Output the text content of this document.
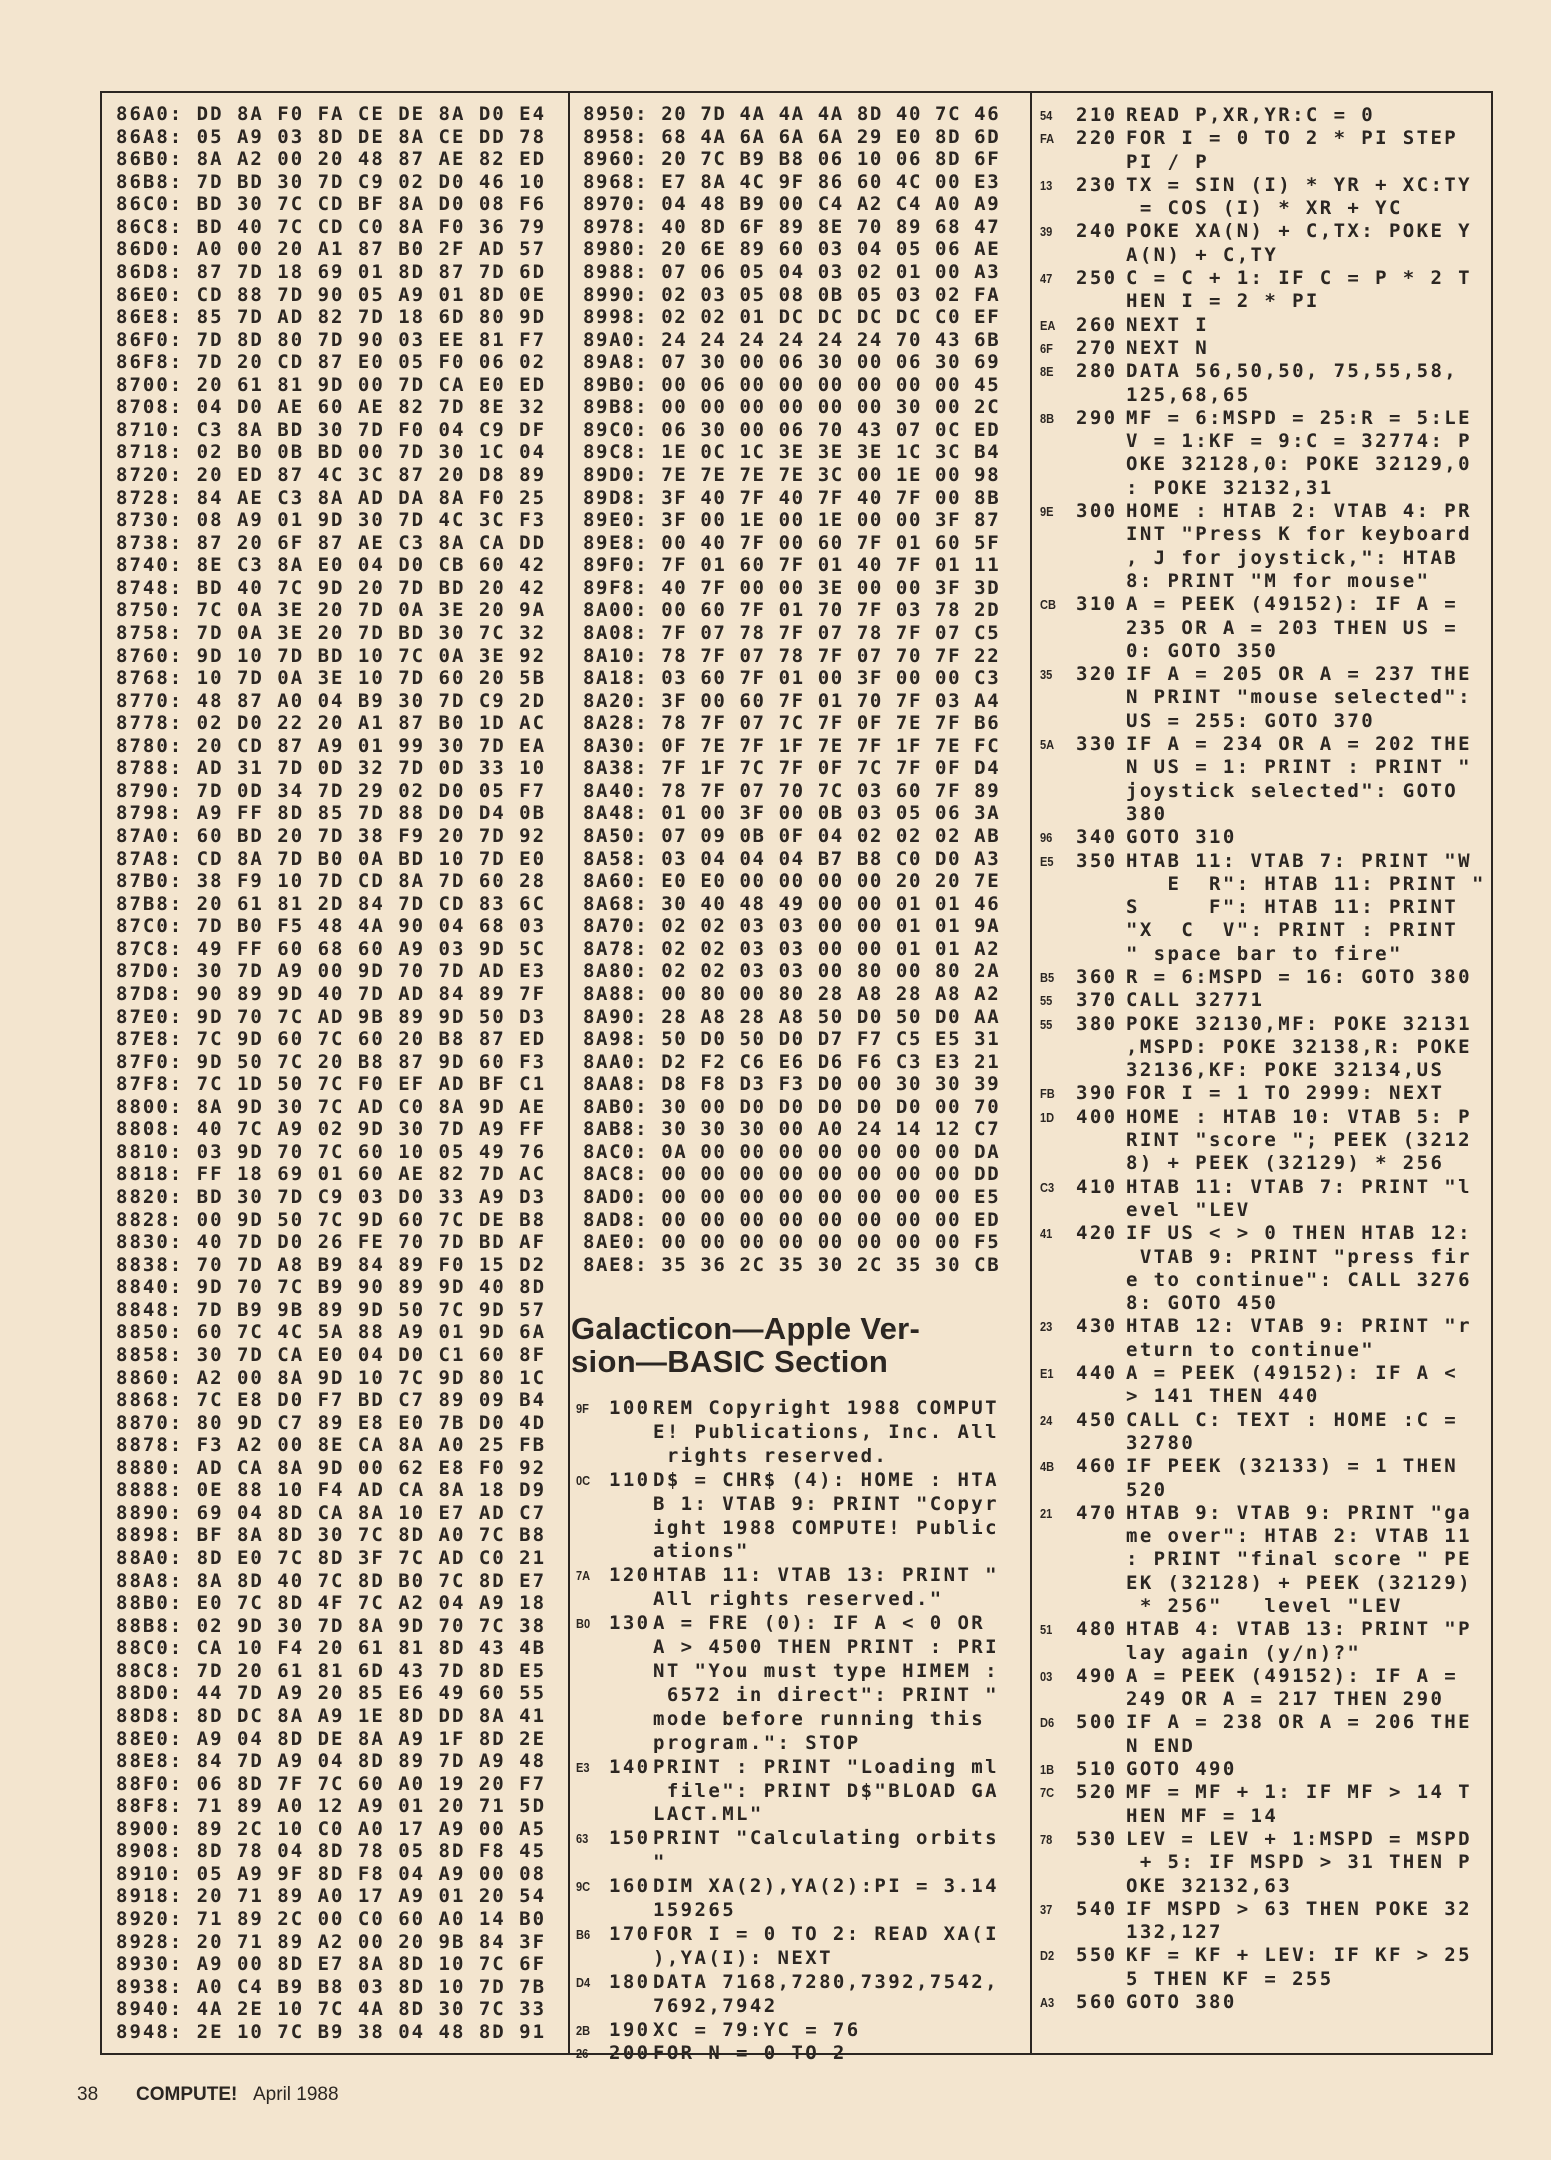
86A0: DD 8A F0 FA CE DE 8A D0 E4
86A8: 05 A9 03 8D DE 8A CE DD 78
86B0: 8A A2 00 20 48 87 AE 82 ED
86B8: 7D BD 30 7D C9 02 D0 46 10
86C0: BD 30 7C CD BF 8A D0 08 F6
86C8: BD 40 7C CD C0 8A F0 36 79
86D0: A0 00 20 A1 87 B0 2F AD 57
86D8: 87 7D 18 69 01 8D 87 7D 6D
86E0: CD 88 7D 90 05 A9 01 8D 0E
86E8: 85 7D AD 82 7D 18 6D 80 9D
86F0: 7D 8D 80 7D 90 03 EE 81 F7
86F8: 7D 20 CD 87 E0 05 F0 06 02
8700: 20 61 81 9D 00 7D CA E0 ED
8708: 04 D0 AE 60 AE 82 7D 8E 32
8710: C3 8A BD 30 7D F0 04 C9 DF
8718: 02 B0 0B BD 00 7D 30 1C 04
8720: 20 ED 87 4C 3C 87 20 D8 89
8728: 84 AE C3 8A AD DA 8A F0 25
8730: 08 A9 01 9D 30 7D 4C 3C F3
8738: 87 20 6F 87 AE C3 8A CA DD
8740: 8E C3 8A E0 04 D0 CB 60 42
8748: BD 40 7C 9D 20 7D BD 20 42
8750: 7C 0A 3E 20 7D 0A 3E 20 9A
8758: 7D 0A 3E 20 7D BD 30 7C 32
8760: 9D 10 7D BD 10 7C 0A 3E 92
8768: 10 7D 0A 3E 10 7D 60 20 5B
8770: 48 87 A0 04 B9 30 7D C9 2D
8778: 02 D0 22 20 A1 87 B0 1D AC
8780: 20 CD 87 A9 01 99 30 7D EA
8788: AD 31 7D 0D 32 7D 0D 33 10
8790: 7D 0D 34 7D 29 02 D0 05 F7
8798: A9 FF 8D 85 7D 88 D0 D4 0B
87A0: 60 BD 20 7D 38 F9 20 7D 92
87A8: CD 8A 7D B0 0A BD 10 7D E0
87B0: 38 F9 10 7D CD 8A 7D 60 28
87B8: 20 61 81 2D 84 7D CD 83 6C
87C0: 7D B0 F5 48 4A 90 04 68 03
87C8: 49 FF 60 68 60 A9 03 9D 5C
87D0: 30 7D A9 00 9D 70 7D AD E3
87D8: 90 89 9D 40 7D AD 84 89 7F
87E0: 9D 70 7C AD 9B 89 9D 50 D3
87E8: 7C 9D 60 7C 60 20 B8 87 ED
87F0: 9D 50 7C 20 B8 87 9D 60 F3
87F8: 7C 1D 50 7C F0 EF AD BF C1
8800: 8A 9D 30 7C AD C0 8A 9D AE
8808: 40 7C A9 02 9D 30 7D A9 FF
8810: 03 9D 70 7C 60 10 05 49 76
8818: FF 18 69 01 60 AE 82 7D AC
8820: BD 30 7D C9 03 D0 33 A9 D3
8828: 00 9D 50 7C 9D 60 7C DE B8
8830: 40 7D D0 26 FE 70 7D BD AF
8838: 70 7D A8 B9 84 89 F0 15 D2
8840: 9D 70 7C B9 90 89 9D 40 8D
8848: 7D B9 9B 89 9D 50 7C 9D 57
8850: 60 7C 4C 5A 88 A9 01 9D 6A
8858: 30 7D CA E0 04 D0 C1 60 8F
8860: A2 00 8A 9D 10 7C 9D 80 1C
8868: 7C E8 D0 F7 BD C7 89 09 B4
8870: 80 9D C7 89 E8 E0 7B D0 4D
8878: F3 A2 00 8E CA 8A A0 25 FB
8880: AD CA 8A 9D 00 62 E8 F0 92
8888: 0E 88 10 F4 AD CA 8A 18 D9
8890: 69 04 8D CA 8A 10 E7 AD C7
8898: BF 8A 8D 30 7C 8D A0 7C B8
88A0: 8D E0 7C 8D 3F 7C AD C0 21
88A8: 8A 8D 40 7C 8D B0 7C 8D E7
88B0: E0 7C 8D 4F 7C A2 04 A9 18
88B8: 02 9D 30 7D 8A 9D 70 7C 38
88C0: CA 10 F4 20 61 81 8D 43 4B
88C8: 7D 20 61 81 6D 43 7D 8D E5
88D0: 44 7D A9 20 85 E6 49 60 55
88D8: 8D DC 8A A9 1E 8D DD 8A 41
88E0: A9 04 8D DE 8A A9 1F 8D 2E
88E8: 84 7D A9 04 8D 89 7D A9 48
88F0: 06 8D 7F 7C 60 A0 19 20 F7
88F8: 71 89 A0 12 A9 01 20 71 5D
8900: 89 2C 10 C0 A0 17 A9 00 A5
8908: 8D 78 04 8D 78 05 8D F8 45
8910: 05 A9 9F 8D F8 04 A9 00 08
8918: 20 71 89 A0 17 A9 01 20 54
8920: 71 89 2C 00 C0 60 A0 14 B0
8928: 20 71 89 A2 00 20 9B 84 3F
8930: A9 00 8D E7 8A 8D 10 7C 6F
8938: A0 C4 B9 B8 03 8D 10 7D 7B
8940: 4A 2E 10 7C 4A 8D 30 7C 33
8948: 2E 10 7C B9 38 04 48 8D 91
8950: 20 7D 4A 4A 4A 8D 40 7C 46
8958: 68 4A 6A 6A 6A 29 E0 8D 6D
8960: 20 7C B9 B8 06 10 06 8D 6F
8968: E7 8A 4C 9F 86 60 4C 00 E3
8970: 04 48 B9 00 C4 A2 C4 A0 A9
8978: 40 8D 6F 89 8E 70 89 68 47
8980: 20 6E 89 60 03 04 05 06 AE
8988: 07 06 05 04 03 02 01 00 A3
8990: 02 03 05 08 0B 05 03 02 FA
8998: 02 02 01 DC DC DC DC C0 EF
89A0: 24 24 24 24 24 24 70 43 6B
89A8: 07 30 00 06 30 00 06 30 69
89B0: 00 06 00 00 00 00 00 00 45
89B8: 00 00 00 00 00 00 30 00 2C
89C0: 06 30 00 06 70 43 07 0C ED
89C8: 1E 0C 1C 3E 3E 3E 1C 3C B4
89D0: 7E 7E 7E 7E 3C 00 1E 00 98
89D8: 3F 40 7F 40 7F 40 7F 00 8B
89E0: 3F 00 1E 00 1E 00 00 3F 87
89E8: 00 40 7F 00 60 7F 01 60 5F
89F0: 7F 01 60 7F 01 40 7F 01 11
89F8: 40 7F 00 00 3E 00 00 3F 3D
8A00: 00 60 7F 01 70 7F 03 78 2D
8A08: 7F 07 78 7F 07 78 7F 07 C5
8A10: 78 7F 07 78 7F 07 70 7F 22
8A18: 03 60 7F 01 00 3F 00 00 C3
8A20: 3F 00 60 7F 01 70 7F 03 A4
8A28: 78 7F 07 7C 7F 0F 7E 7F B6
8A30: 0F 7E 7F 1F 7E 7F 1F 7E FC
8A38: 7F 1F 7C 7F 0F 7C 7F 0F D4
8A40: 78 7F 07 70 7C 03 60 7F 89
8A48: 01 00 3F 00 0B 03 05 06 3A
8A50: 07 09 0B 0F 04 02 02 02 AB
8A58: 03 04 04 04 B7 B8 C0 D0 A3
8A60: E0 E0 00 00 00 00 20 20 7E
8A68: 30 40 48 49 00 00 01 01 46
8A70: 02 02 03 03 00 00 01 01 9A
8A78: 02 02 03 03 00 00 01 01 A2
8A80: 02 02 03 03 00 80 00 80 2A
8A88: 00 80 00 80 28 A8 28 A8 A2
8A90: 28 A8 28 A8 50 D0 50 D0 AA
8A98: 50 D0 50 D0 D7 F7 C5 E5 31
8AA0: D2 F2 C6 E6 D6 F6 C3 E3 21
8AA8: D8 F8 D3 F3 D0 00 30 30 39
8AB0: 30 00 D0 D0 D0 D0 D0 00 70
8AB8: 30 30 30 00 A0 24 14 12 C7
8AC0: 0A 00 00 00 00 00 00 00 DA
8AC8: 00 00 00 00 00 00 00 00 DD
8AD0: 00 00 00 00 00 00 00 00 E5
8AD8: 00 00 00 00 00 00 00 00 ED
8AE0: 00 00 00 00 00 00 00 00 F5
8AE8: 35 36 2C 35 30 2C 35 30 CB
Galacticon—Apple Ver-
sion—BASIC Section
9F	100 REM Copyright 1988 COMPUT
E! Publications, Inc. All
rights reserved.
0C 110 D$ = CHR$ (4): HOME : HTA
B 1: VTAB 9: PRINT "Copyr
ight 1988 COMPUTE! Public
ations"
7A 120 HTAB 11: VTAB 13: PRINT "
All rights reserved."
B0 130 A = FRE (0): IF A < 0 OR
A > 4500 THEN PRINT : PRI
NT "You must type HIMEM :
6572 in direct": PRINT "
mode before running this
program.": STOP
E3	140 PRINT : PRINT "Loading ml
file": PRINT D$"BLOAD GA
LACT.ML"
63	150 PRINT "Calculating orbits
"
9C 160 DIM XA(2),YA(2):PI = 3.14
159265
B6 170 FOR I = 0 TO 2: READ XA(I
),YA(I): NEXT
D4 180 DATA 7168,7280,7392,7542,
7692,7942
2B 190 XC = 79:YC = 76
26	200 FOR N = 0 TO 2
54	210 READ P,XR,YR:C = 0
FA	220 FOR I = 0 TO 2 * PI STEP
PI / P
13	230 TX = SIN (I) * YR + XC:TY
= COS (I) * XR + YC
39	240 POKE XA(N) + C,TX: POKE Y
A(N) + C,TY
47	250 C = C + 1: IF C = P * 2 T
HEN I = 2 * PI
EA	260 NEXT I
6F	270 NEXT N
8E	280 DATA 56,50,50, 75,55,58,
125,68,65
8B	290 MF = 6:MSPD = 25:R = 5:LE
V = 1:KF = 9:C = 32774: P
OKE 32128,0: POKE 32129,0
: POKE 32132,31
9E	300 HOME : HTAB 2: VTAB 4: PR
INT "Press K for keyboard
, J for joystick,": HTAB
8: PRINT "M for mouse"
CB	310 A = PEEK (49152): IF A =
235 OR A = 203 THEN US =
0: GOTO 350
35	320 IF A = 205 OR A = 237 THE
N PRINT "mouse selected":
US = 255: GOTO 370
5A	330 IF A = 234 OR A = 202 THE
N US = 1: PRINT : PRINT "
joystick selected": GOTO
380
96	340 GOTO 310
E5	350 HTAB 11: VTAB 7: PRINT "W
E  R": HTAB 11: PRINT "
S     F": HTAB 11: PRINT
"X  C  V": PRINT : PRINT
" space bar to fire"
B5	360 R = 6:MSPD = 16: GOTO 380
55	370 CALL 32771
55	380 POKE 32130,MF: POKE 32131
,MSPD: POKE 32138,R: POKE
32136,KF: POKE 32134,US
FB	390 FOR I = 1 TO 2999: NEXT
1D	400 HOME : HTAB 10: VTAB 5: P
RINT "score "; PEEK (3212
8) + PEEK (32129) * 256
C3	410 HTAB 11: VTAB 7: PRINT "l
evel "LEV
41	420 IF US < > 0 THEN HTAB 12:
VTAB 9: PRINT "press fir
e to continue": CALL 3276
8: GOTO 450
23	430 HTAB 12: VTAB 9: PRINT "r
eturn to continue"
E1	440 A = PEEK (49152): IF A <
> 141 THEN 440
24	450 CALL C: TEXT : HOME :C =
32780
4B	460 IF PEEK (32133) = 1 THEN
520
21	470 HTAB 9: VTAB 9: PRINT "ga
me over": HTAB 2: VTAB 11
: PRINT "final score " PE
EK (32128) + PEEK (32129)
* 256"   level "LEV
51	480 HTAB 4: VTAB 13: PRINT "P
lay again (y/n)?"
03	490 A = PEEK (49152): IF A =
249 OR A = 217 THEN 290
D6	500 IF A = 238 OR A = 206 THE
N END
1B	510 GOTO 490
7C	520 MF = MF + 1: IF MF > 14 T
HEN MF = 14
78	530 LEV = LEV + 1:MSPD = MSPD
+ 5: IF MSPD > 31 THEN P
OKE 32132,63
37	540 IF MSPD > 63 THEN POKE 32
132,127
D2	550 KF = KF + LEV: IF KF > 25
5 THEN KF = 255
A3	560 GOTO 380
38 COMPUTE! April 1988
